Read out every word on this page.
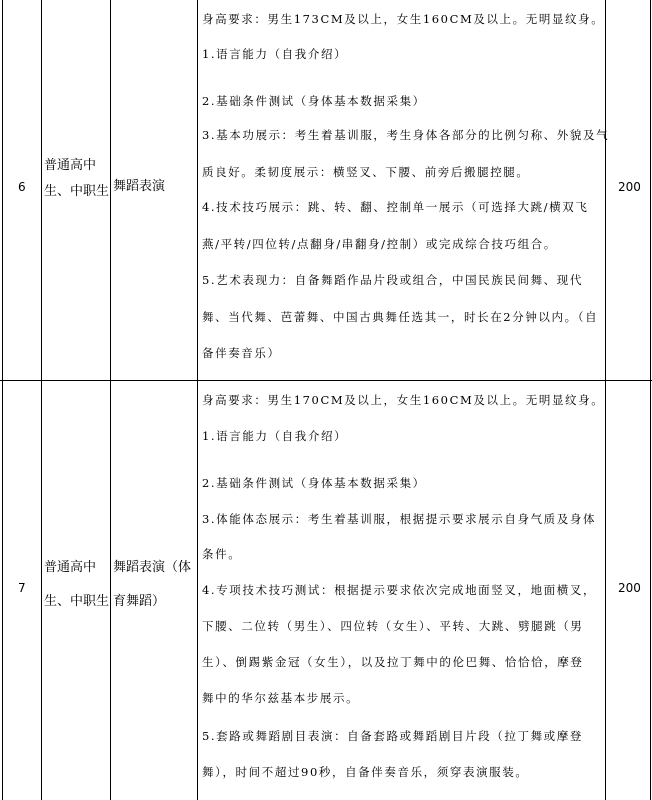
6
普通高中
生、中职生 舞蹈表演	200
身高要求：男生173CM及以上，女生160CM及以上。无明显纹身。
1.语言能力（自我介绍）
2.基础条件测试（身体基本数据采集）
3.基本功展示：考生着基训服，考生身体各部分的比例匀称、外貌及气
质良好。柔韧度展示：横竖叉、下腰、前旁后搬腿控腿。
4.技术技巧展示：跳、转、翻、控制单一展示（可选择大跳/横双飞
燕/平转/四位转/点翻身/串翻身/控制）或完成综合技巧组合。
5.艺术表现力：自备舞蹈作品片段或组合，中国民族民间舞、现代
舞、当代舞、芭蕾舞、中国古典舞任选其一，时长在2分钟以内。（自
备伴奏音乐）
7
普通高中
生、中职生
舞蹈表演（体
育舞蹈）
200
身高要求：男生170CM及以上，女生160CM及以上。无明显纹身。
1.语言能力（自我介绍）
2.基础条件测试（身体基本数据采集）
3.体能体态展示：考生着基训服，根据提示要求展示自身气质及身体
条件。
4.专项技术技巧测试：根据提示要求依次完成地面竖叉，地面横叉，
下腰、二位转（男生）、四位转（女生）、平转、大跳、劈腿跳（男
生）、倒踢紫金冠（女生），以及拉丁舞中的伦巴舞、恰恰恰，摩登
舞中的华尔兹基本步展示。
5.套路或舞蹈剧目表演：自备套路或舞蹈剧目片段（拉丁舞或摩登
舞），时间不超过90秒，自备伴奏音乐，须穿表演服装。
